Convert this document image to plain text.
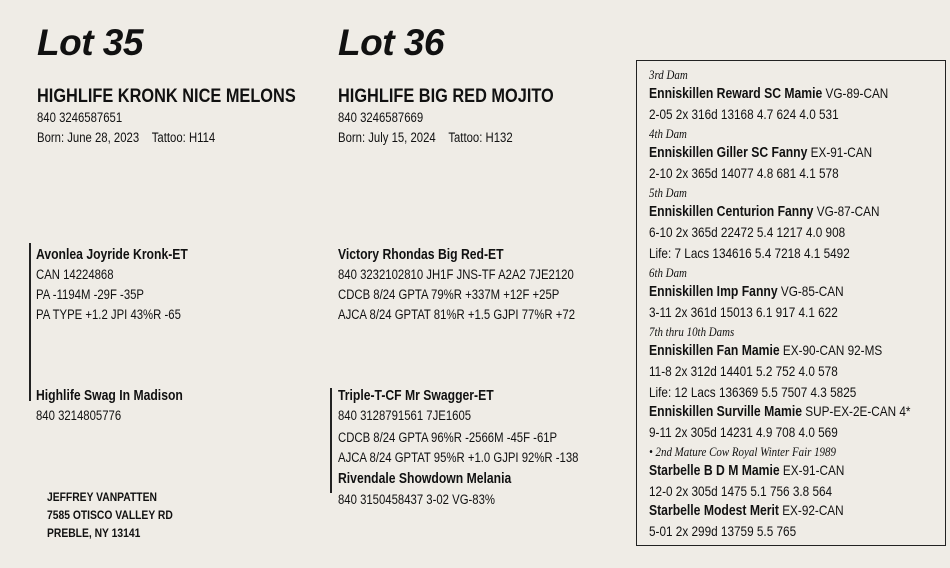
Lot 35
HIGHLIFE KRONK NICE MELONS
840 3246587651
Born: June 28, 2023 Tattoo: H114
Avonlea Joyride Kronk-ET
CAN 14224868
PA -1194M -29F -35P
PA TYPE +1.2 JPI 43%R -65
Highlife Swag In Madison
840 3214805776
Lot 36
HIGHLIFE BIG RED MOJITO
840 3246587669
Born: July 15, 2024 Tattoo: H132
Victory Rhondas Big Red-ET
840 3232102810 JH1F JNS-TF A2A2 7JE2120
CDCB 8/24 GPTA 79%R +337M +12F +25P
AJCA 8/24 GPTAT 81%R +1.5 GJPI 77%R +72
Triple-T-CF Mr Swagger-ET
840 3128791561 7JE1605
CDCB 8/24 GPTA 96%R -2566M -45F -61P
AJCA 8/24 GPTAT 95%R +1.0 GJPI 92%R -138
Rivendale Showdown Melania
840 3150458437 3-02 VG-83%
JEFFREY VANPATTEN
7585 OTISCO VALLEY RD
PREBLE, NY 13141
3rd Dam
Enniskillen Reward SC Mamie VG-89-CAN
2-05 2x 316d 13168 4.7 624 4.0 531
4th Dam
Enniskillen Giller SC Fanny EX-91-CAN
2-10 2x 365d 14077 4.8 681 4.1 578
5th Dam
Enniskillen Centurion Fanny VG-87-CAN
6-10 2x 365d 22472 5.4 1217 4.0 908
Life: 7 Lacs 134616 5.4 7218 4.1 5492
6th Dam
Enniskillen Imp Fanny VG-85-CAN
3-11 2x 361d 15013 6.1 917 4.1 622
7th thru 10th Dams
Enniskillen Fan Mamie EX-90-CAN 92-MS
11-8 2x 312d 14401 5.2 752 4.0 578
Life: 12 Lacs 136369 5.5 7507 4.3 5825
Enniskillen Surville Mamie SUP-EX-2E-CAN 4*
9-11 2x 305d 14231 4.9 708 4.0 569
• 2nd Mature Cow Royal Winter Fair 1989
Starbelle B D M Mamie EX-91-CAN
12-0 2x 305d 1475 5.1 756 3.8 564
Starbelle Modest Merit EX-92-CAN
5-01 2x 299d 13759 5.5 765
